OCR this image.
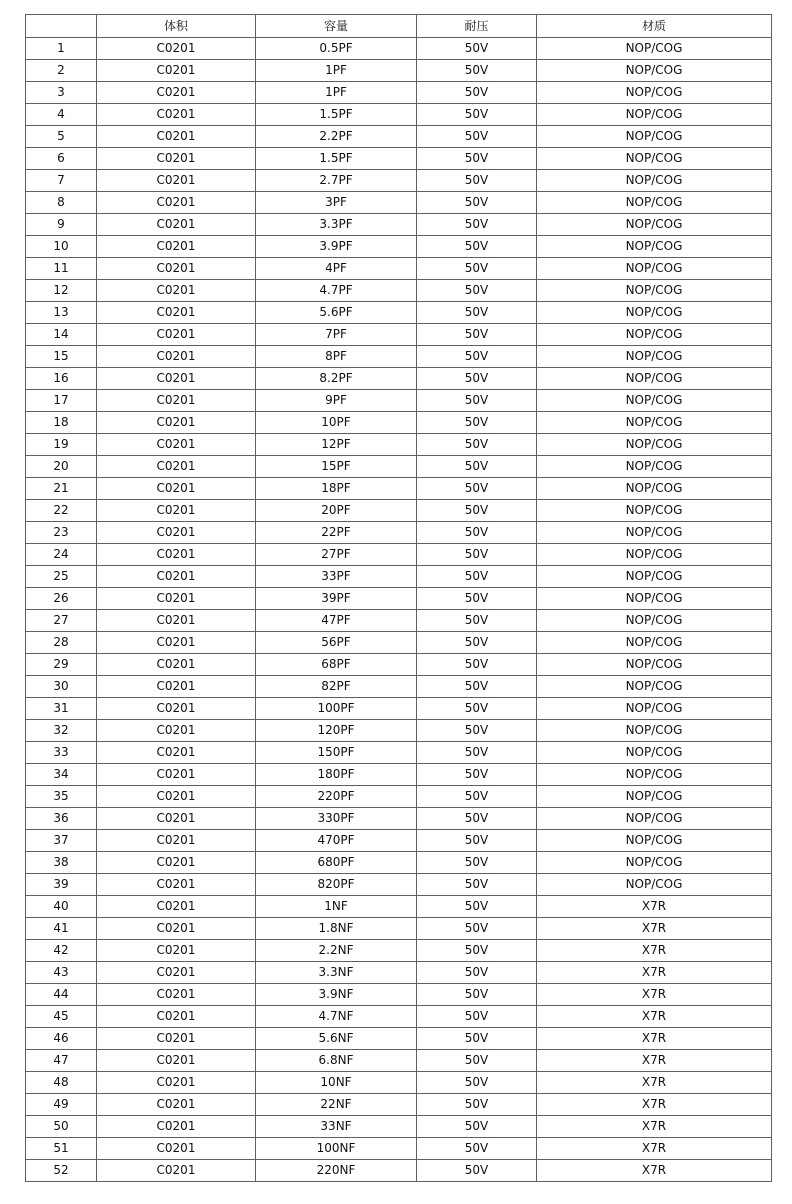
	体积	容量	耐压	材质
1	C0201	0.5PF	50V	NOP/COG
2	C0201	1PF	50V	NOP/COG
3	C0201	1PF	50V	NOP/COG
4	C0201	1.5PF	50V	NOP/COG
5	C0201	2.2PF	50V	NOP/COG
6	C0201	1.5PF	50V	NOP/COG
7	C0201	2.7PF	50V	NOP/COG
8	C0201	3PF	50V	NOP/COG
9	C0201	3.3PF	50V	NOP/COG
10	C0201	3.9PF	50V	NOP/COG
11	C0201	4PF	50V	NOP/COG
12	C0201	4.7PF	50V	NOP/COG
13	C0201	5.6PF	50V	NOP/COG
14	C0201	7PF	50V	NOP/COG
15	C0201	8PF	50V	NOP/COG
16	C0201	8.2PF	50V	NOP/COG
17	C0201	9PF	50V	NOP/COG
18	C0201	10PF	50V	NOP/COG
19	C0201	12PF	50V	NOP/COG
20	C0201	15PF	50V	NOP/COG
21	C0201	18PF	50V	NOP/COG
22	C0201	20PF	50V	NOP/COG
23	C0201	22PF	50V	NOP/COG
24	C0201	27PF	50V	NOP/COG
25	C0201	33PF	50V	NOP/COG
26	C0201	39PF	50V	NOP/COG
27	C0201	47PF	50V	NOP/COG
28	C0201	56PF	50V	NOP/COG
29	C0201	68PF	50V	NOP/COG
30	C0201	82PF	50V	NOP/COG
31	C0201	100PF	50V	NOP/COG
32	C0201	120PF	50V	NOP/COG
33	C0201	150PF	50V	NOP/COG
34	C0201	180PF	50V	NOP/COG
35	C0201	220PF	50V	NOP/COG
36	C0201	330PF	50V	NOP/COG
37	C0201	470PF	50V	NOP/COG
38	C0201	680PF	50V	NOP/COG
39	C0201	820PF	50V	NOP/COG
40	C0201	1NF	50V	X7R
41	C0201	1.8NF	50V	X7R
42	C0201	2.2NF	50V	X7R
43	C0201	3.3NF	50V	X7R
44	C0201	3.9NF	50V	X7R
45	C0201	4.7NF	50V	X7R
46	C0201	5.6NF	50V	X7R
47	C0201	6.8NF	50V	X7R
48	C0201	10NF	50V	X7R
49	C0201	22NF	50V	X7R
50	C0201	33NF	50V	X7R
51	C0201	100NF	50V	X7R
52	C0201	220NF	50V	X7R
